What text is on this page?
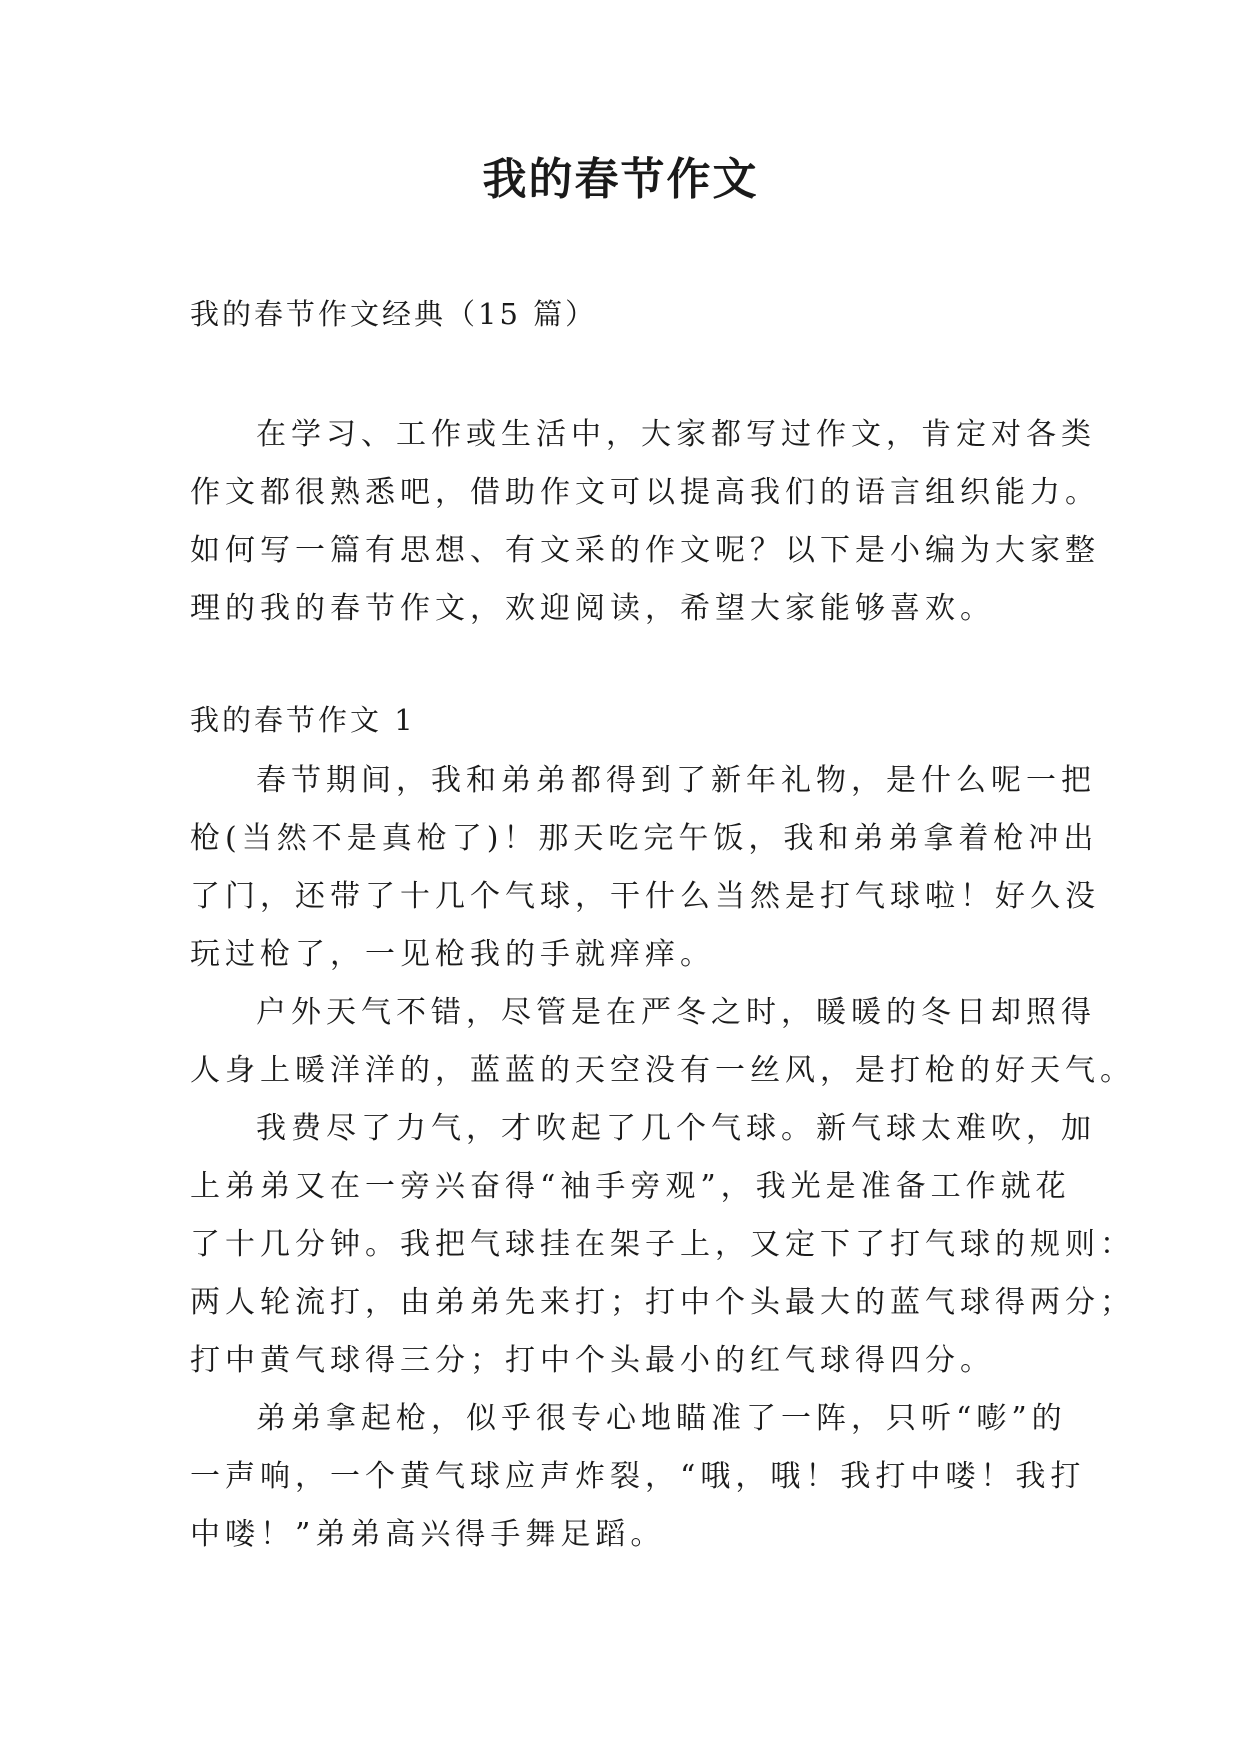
我的春节作文
我的春节作文经典（15 篇）
在学习、工作或生活中，大家都写过作文，肯定对各类
作文都很熟悉吧，借助作文可以提高我们的语言组织能力。
如何写一篇有思想、有文采的作文呢？以下是小编为大家整
理的我的春节作文，欢迎阅读，希望大家能够喜欢。
我的春节作文 1
春节期间，我和弟弟都得到了新年礼物，是什么呢一把
枪(当然不是真枪了)！那天吃完午饭，我和弟弟拿着枪冲出
了门，还带了十几个气球，干什么当然是打气球啦！好久没
玩过枪了，一见枪我的手就痒痒。
户外天气不错，尽管是在严冬之时，暖暖的冬日却照得
人身上暖洋洋的，蓝蓝的天空没有一丝风，是打枪的好天气。
我费尽了力气，才吹起了几个气球。新气球太难吹，加
上弟弟又在一旁兴奋得“袖手旁观”，我光是准备工作就花
了十几分钟。我把气球挂在架子上，又定下了打气球的规则：
两人轮流打，由弟弟先来打；打中个头最大的蓝气球得两分；
打中黄气球得三分；打中个头最小的红气球得四分。
弟弟拿起枪，似乎很专心地瞄准了一阵，只听“嘭”的
一声响，一个黄气球应声炸裂，“哦，哦！我打中喽！我打
中喽！”弟弟高兴得手舞足蹈。
